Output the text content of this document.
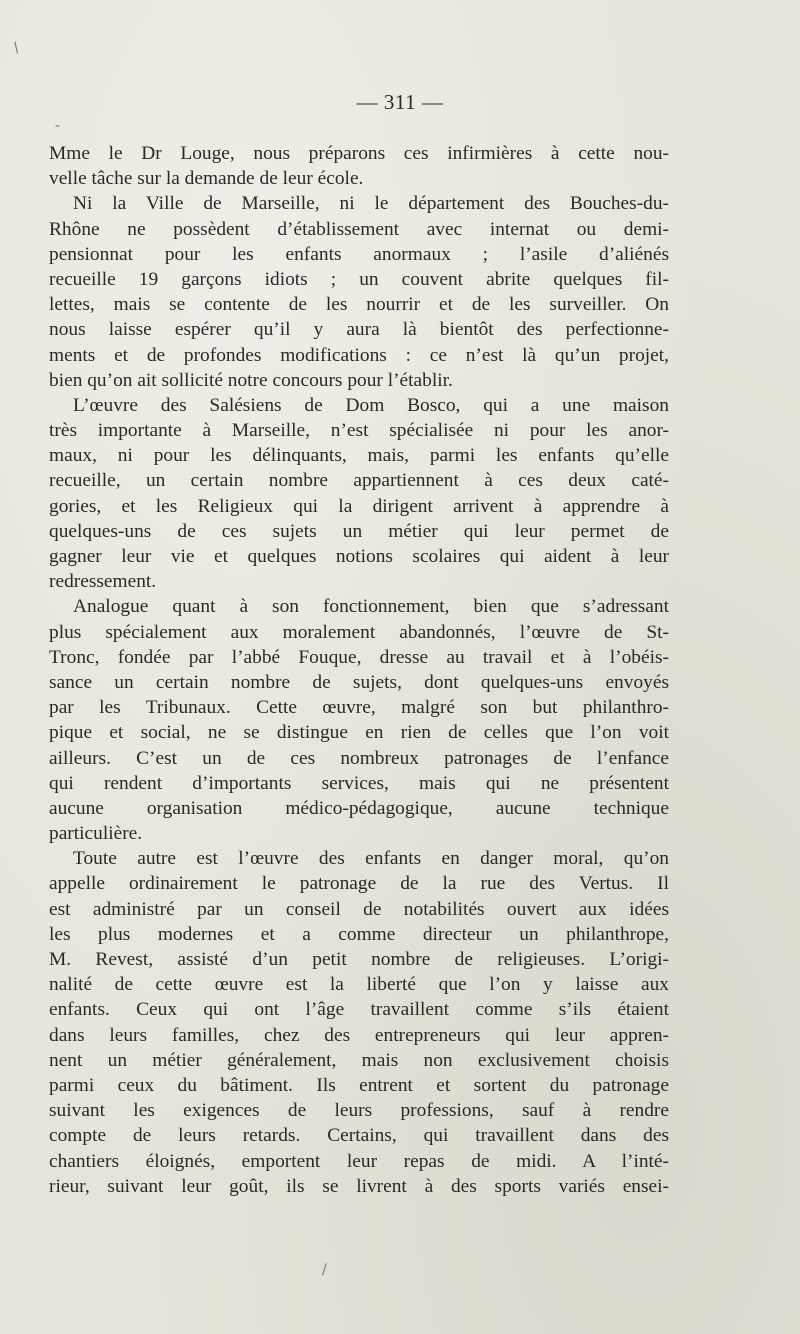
— 311 —
Mme le Dr Louge, nous préparons ces infirmières à cette nou-
velle tâche sur la demande de leur école.
Ni la Ville de Marseille, ni le département des Bouches-du-
Rhône ne possèdent d’établissement avec internat ou demi-
pensionnat pour les enfants anormaux ; l’asile d’aliénés
recueille 19 garçons idiots ; un couvent abrite quelques fil-
lettes, mais se contente de les nourrir et de les surveiller. On
nous laisse espérer qu’il y aura là bientôt des perfectionne-
ments et de profondes modifications : ce n’est là qu’un projet,
bien qu’on ait sollicité notre concours pour l’établir.
L’œuvre des Salésiens de Dom Bosco, qui a une maison
très importante à Marseille, n’est spécialisée ni pour les anor-
maux, ni pour les délinquants, mais, parmi les enfants qu’elle
recueille, un certain nombre appartiennent à ces deux caté-
gories, et les Religieux qui la dirigent arrivent à apprendre à
quelques-uns de ces sujets un métier qui leur permet de
gagner leur vie et quelques notions scolaires qui aident à leur
redressement.
Analogue quant à son fonctionnement, bien que s’adressant
plus spécialement aux moralement abandonnés, l’œuvre de St-
Tronc, fondée par l’abbé Fouque, dresse au travail et à l’obéis-
sance un certain nombre de sujets, dont quelques-uns envoyés
par les Tribunaux. Cette œuvre, malgré son but philanthro-
pique et social, ne se distingue en rien de celles que l’on voit
ailleurs. C’est un de ces nombreux patronages de l’enfance
qui rendent d’importants services, mais qui ne présentent
aucune organisation médico-pédagogique, aucune technique
particulière.
Toute autre est l’œuvre des enfants en danger moral, qu’on
appelle ordinairement le patronage de la rue des Vertus. Il
est administré par un conseil de notabilités ouvert aux idées
les plus modernes et a comme directeur un philanthrope,
M. Revest, assisté d’un petit nombre de religieuses. L’origi-
nalité de cette œuvre est la liberté que l’on y laisse aux
enfants. Ceux qui ont l’âge travaillent comme s’ils étaient
dans leurs familles, chez des entrepreneurs qui leur appren-
nent un métier généralement, mais non exclusivement choisis
parmi ceux du bâtiment. Ils entrent et sortent du patronage
suivant les exigences de leurs professions, sauf à rendre
compte de leurs retards. Certains, qui travaillent dans des
chantiers éloignés, emportent leur repas de midi. A l’inté-
rieur, suivant leur goût, ils se livrent à des sports variés ensei-
/
‐
/
